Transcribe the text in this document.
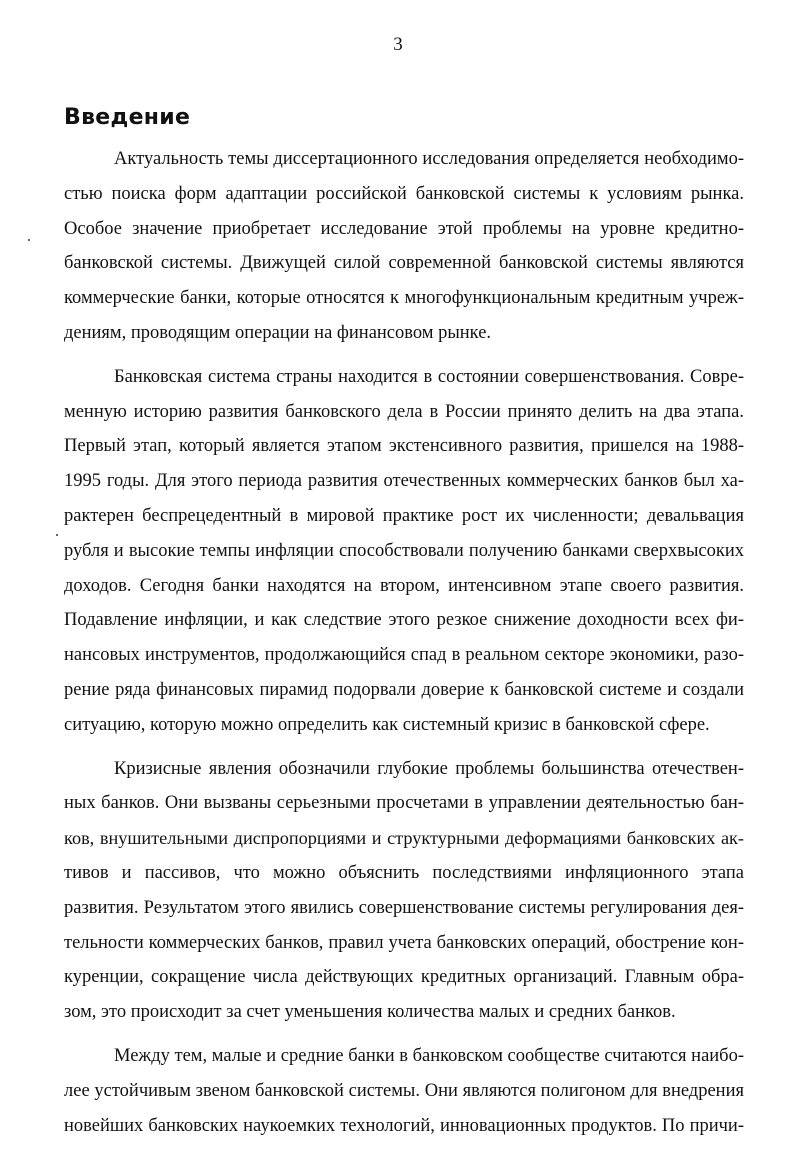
3
Введение
Актуальность темы диссертационного исследования определяется необходимо-
стью поиска форм адаптации российской банковской системы к условиям рынка.
Особое значение приобретает исследование этой проблемы на уровне кредитно-
банковской системы. Движущей силой современной банковской системы являются
коммерческие банки, которые относятся к многофункциональным кредитным учреж-
дениям, проводящим операции на финансовом рынке.
Банковская система страны находится в состоянии совершенствования. Совре-
менную историю развития банковского дела в России принято делить на два этапа.
Первый этап, который является этапом экстенсивного развития, пришелся на 1988-
1995 годы. Для этого периода развития отечественных коммерческих банков был ха-
рактерен беспрецедентный в мировой практике рост их численности; девальвация
рубля и высокие темпы инфляции способствовали получению банками сверхвысоких
доходов. Сегодня банки находятся на втором, интенсивном этапе своего развития.
Подавление инфляции, и как следствие этого резкое снижение доходности всех фи-
нансовых инструментов, продолжающийся спад в реальном секторе экономики, разо-
рение ряда финансовых пирамид подорвали доверие к банковской системе и создали
ситуацию, которую можно определить как системный кризис в банковской сфере.
Кризисные явления обозначили глубокие проблемы большинства отечествен-
ных банков. Они вызваны серьезными просчетами в управлении деятельностью бан-
ков, внушительными диспропорциями и структурными деформациями банковских ак-
тивов и пассивов, что можно объяснить последствиями инфляционного этапа
развития. Результатом этого явились совершенствование системы регулирования дея-
тельности коммерческих банков, правил учета банковских операций, обострение кон-
куренции, сокращение числа действующих кредитных организаций. Главным обра-
зом, это происходит за счет уменьшения количества малых и средних банков.
Между тем, малые и средние банки в банковском сообществе считаются наибо-
лее устойчивым звеном банковской системы. Они являются полигоном для внедрения
новейших банковских наукоемких технологий, инновационных продуктов. По причи-
